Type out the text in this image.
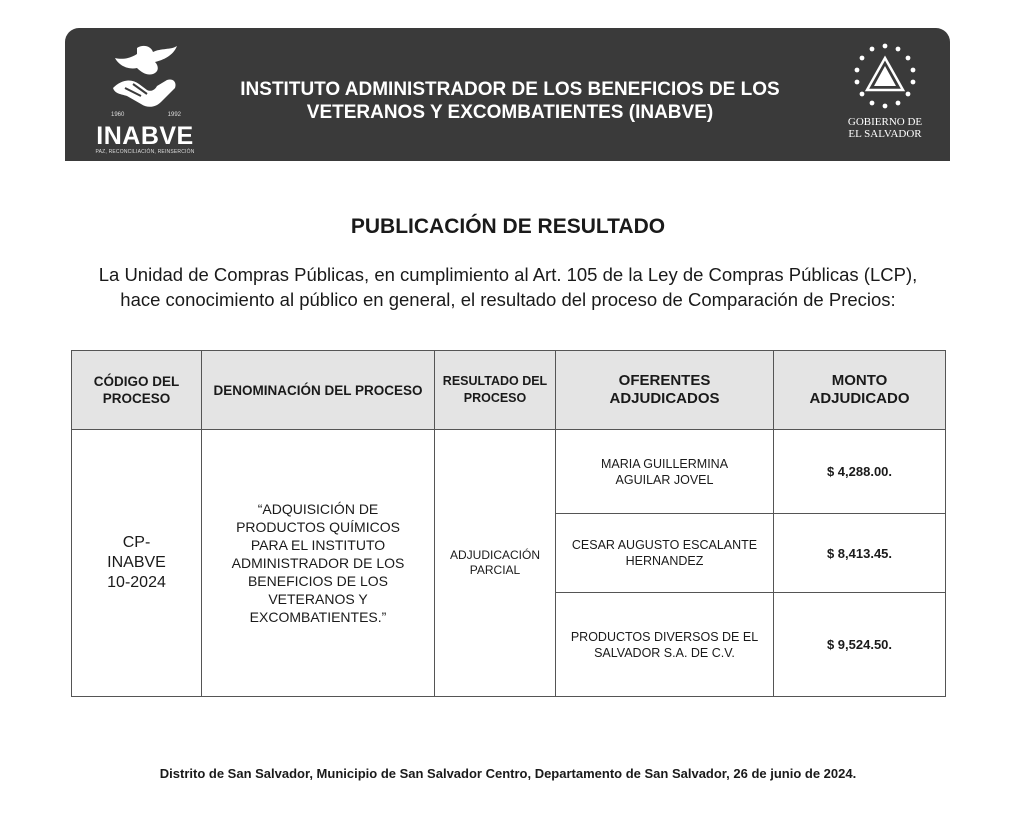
1960	1992
INABVE
PAZ, RECONCILIACIÓN, REINSERCIÓN
INSTITUTO ADMINISTRADOR DE LOS BENEFICIOS DE LOS
VETERANOS Y EXCOMBATIENTES (INABVE)	GOBIERNO DE
EL SALVADOR
PUBLICACIÓN DE RESULTADO
La Unidad de Compras Públicas, en cumplimiento al Art. 105 de la Ley de Compras Públicas (LCP),
hace conocimiento al público en general, el resultado del proceso de Comparación de Precios:
CÓDIGO DEL PROCESO	DENOMINACIÓN DEL PROCESO	RESULTADO DEL PROCESO	OFERENTES ADJUDICADOS	MONTO ADJUDICADO
CP-INABVE 10-2024	“ADQUISICIÓN DE PRODUCTOS QUÍMICOS PARA EL INSTITUTO ADMINISTRADOR DE LOS BENEFICIOS DE LOS VETERANOS Y EXCOMBATIENTES.”	ADJUDICACIÓN PARCIAL	MARIA GUILLERMINA AGUILAR JOVEL	$ 4,288.00.
			CESAR AUGUSTO ESCALANTE HERNANDEZ	$ 8,413.45.
			PRODUCTOS DIVERSOS DE EL SALVADOR S.A. DE C.V.	$ 9,524.50.
Distrito de San Salvador, Municipio de San Salvador Centro, Departamento de San Salvador, 26 de junio de 2024.
